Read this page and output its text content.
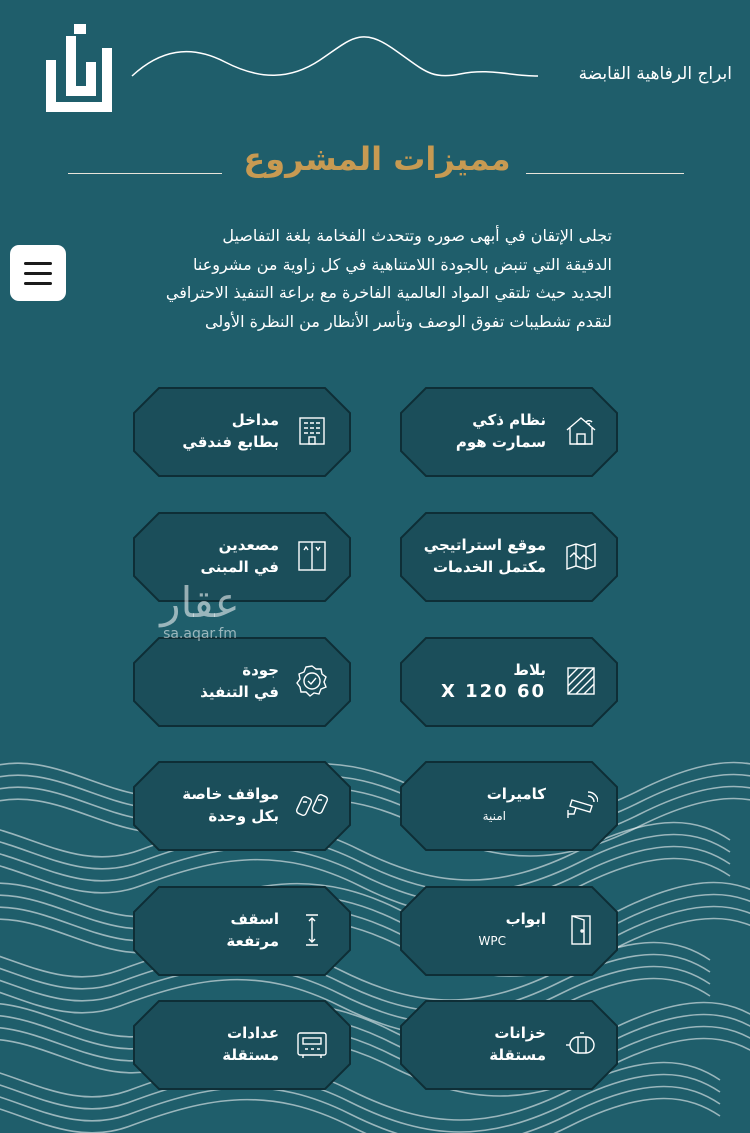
ابراج الرفاهية القابضة
مميزات المشروع

تجلى الإتقان في أبهى صوره وتتحدث الفخامة بلغة التفاصيل

الدقيقة التي تنبض بالجودة اللامتناهية في كل زاوية من مشروعنا

الجديد حيث تلتقي المواد العالمية الفاخرة مع براعة التنفيذ الاحترافي

لتقدم تشطيبات تفوق الوصف وتأسر الأنظار من النظرة الأولى

نظام ذكي
سمارت هوم
مداخل
بطابع فندقي
موقع استراتيجي
مكتمل الخدمات
مصعدين
في المبنى
بلاط
60 X 120
جودة
في التنفيذ
كاميرات
امنية
مواقف خاصة
بكل وحدة
ابواب
WPC
اسقف
مرتفعة
خزانات
مستقلة
عدادات
مستقلة
عقار
sa.aqar.fm
